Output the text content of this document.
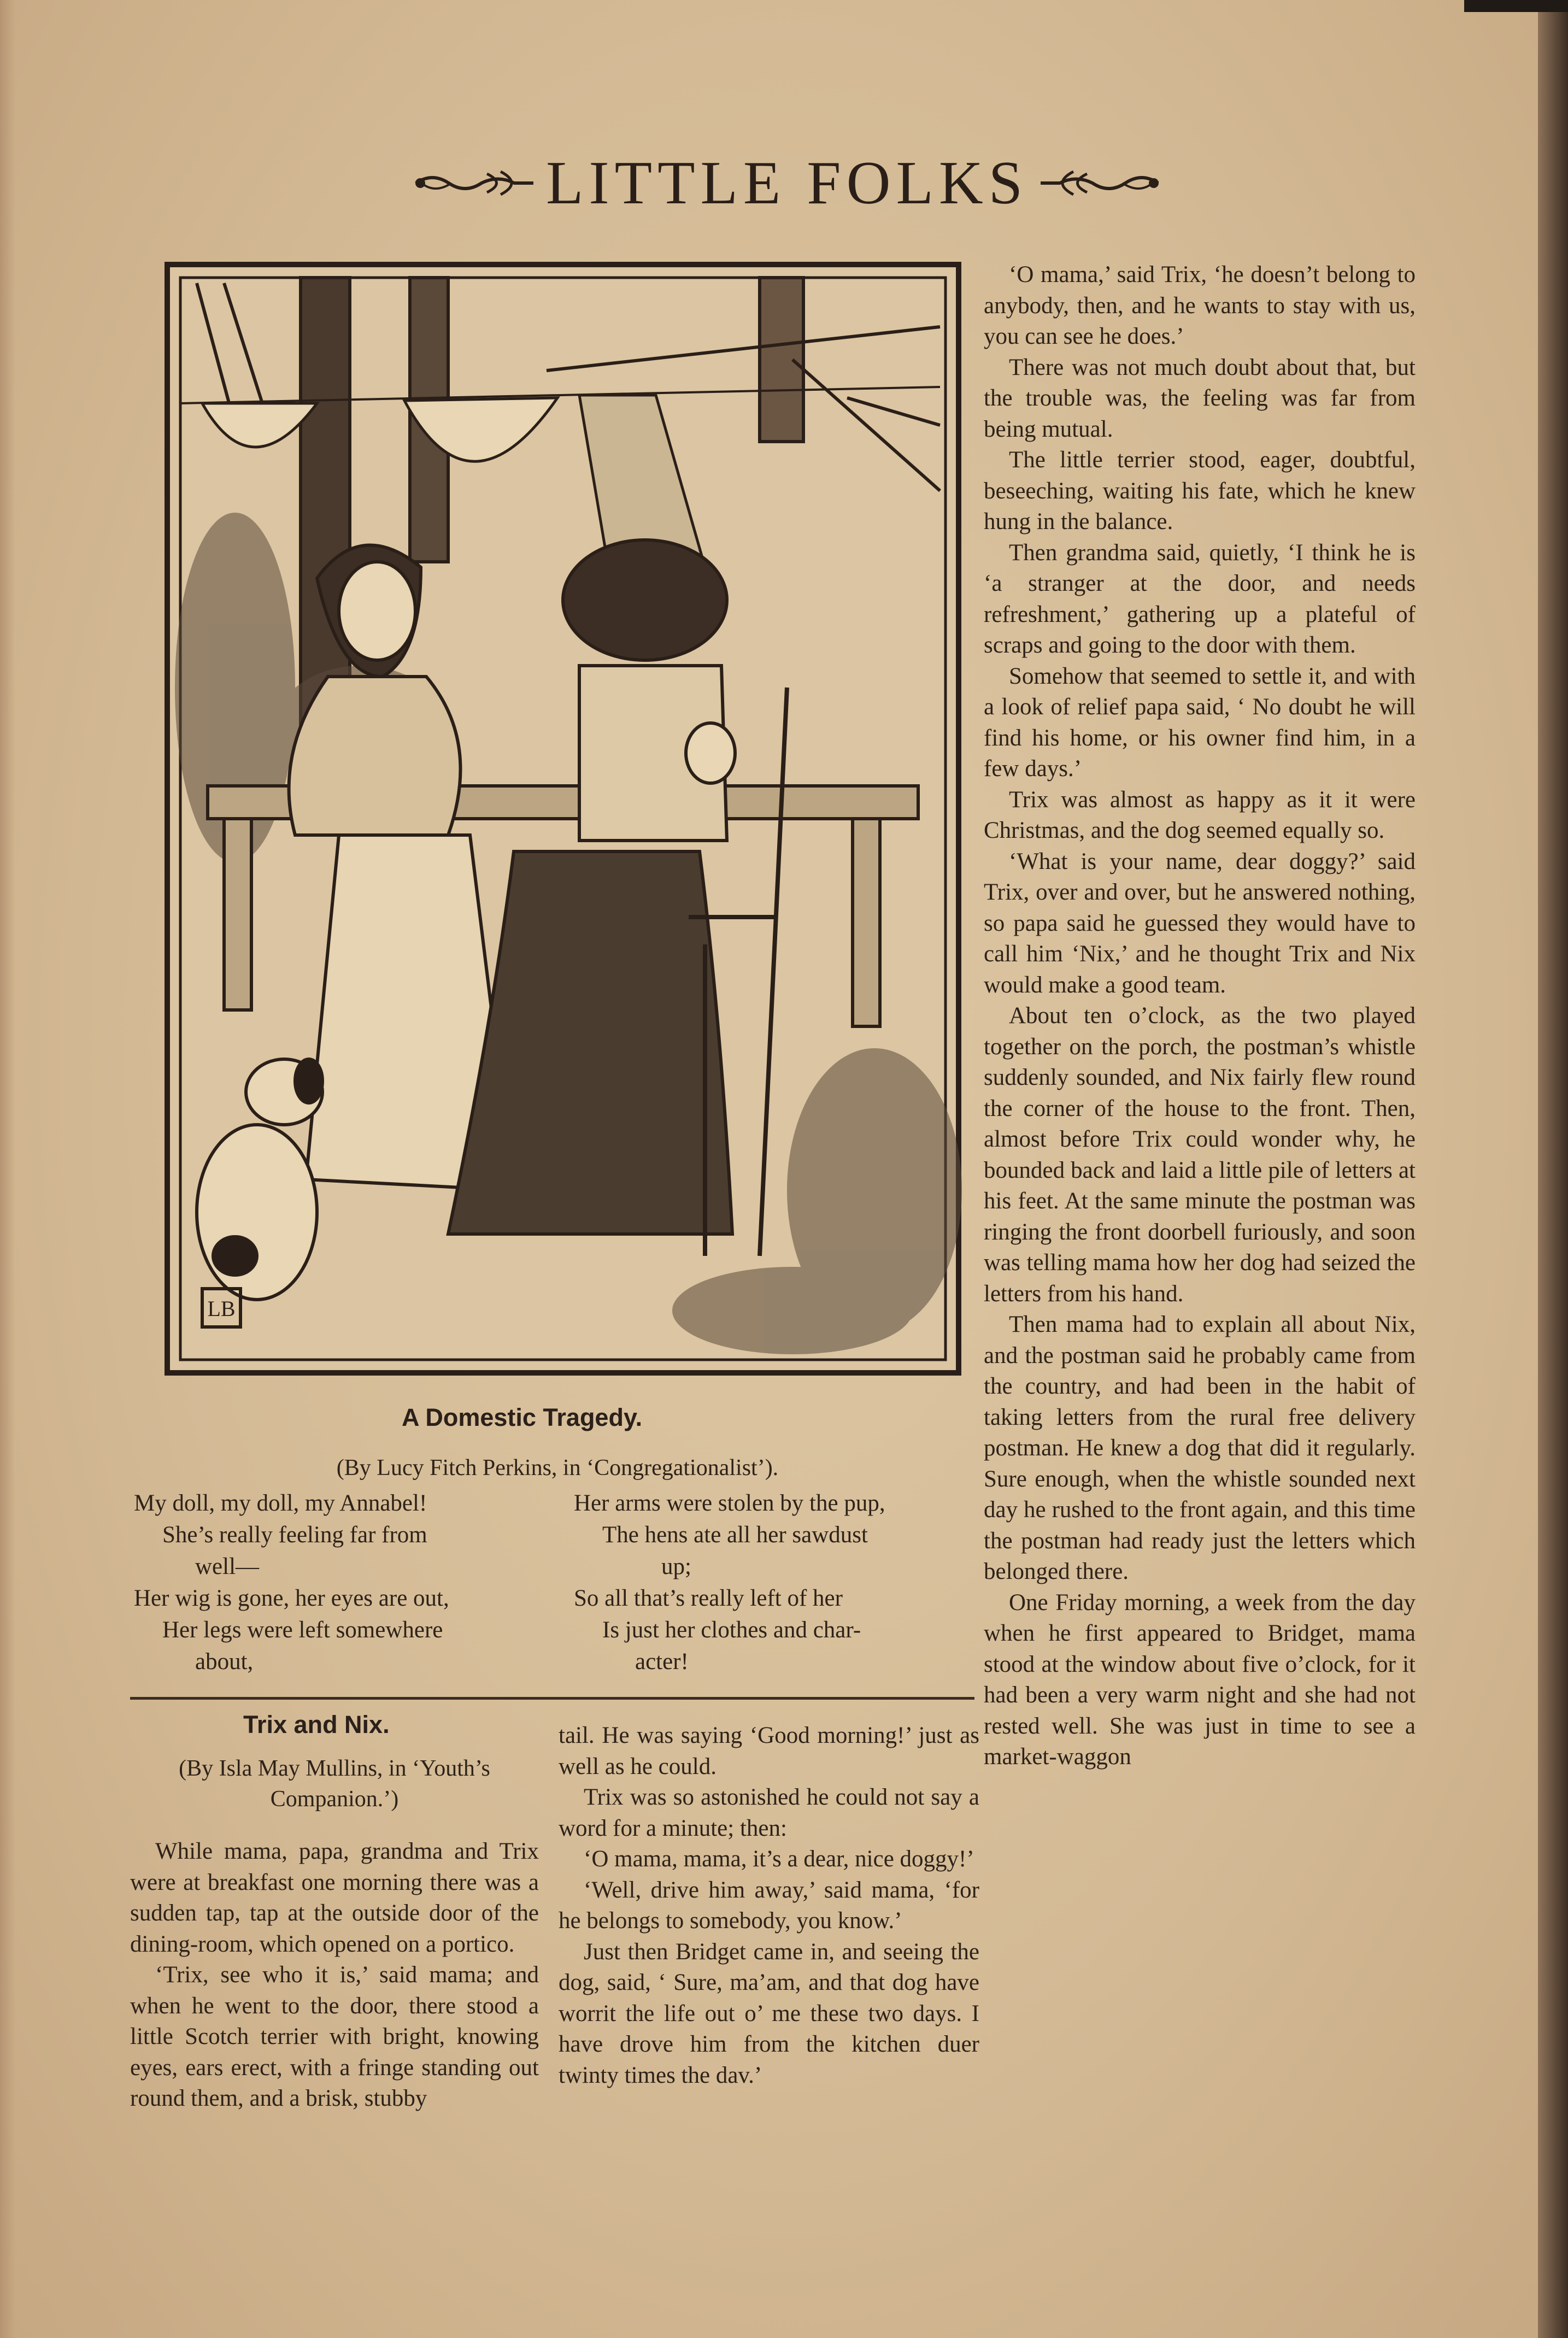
LITTLE FOLKS
LB

‘O mama,’ said Trix, ‘he doesn’t belong to anybody, then, and he wants to stay with us, you can see he does.’

There was not much doubt about that, but the trouble was, the feeling was far from being mutual.

The little terrier stood, eager, doubtful, beseeching, waiting his fate, which he knew hung in the balance.

Then grandma said, quietly, ‘I think he is ‘a stranger at the door, and needs refreshment,’ gathering up a plateful of scraps and going to the door with them.

Somehow that seemed to settle it, and with a look of relief papa said, ‘ No doubt he will find his home, or his owner find him, in a few days.’

Trix was almost as happy as it it were Christmas, and the dog seemed equally so.

‘What is your name, dear doggy?’ said Trix, over and over, but he answered nothing, so papa said he guessed they would have to call him ‘Nix,’ and he thought Trix and Nix would make a good team.

About ten o’clock, as the two played together on the porch, the postman’s whistle suddenly sounded, and Nix fairly flew round the corner of the house to the front. Then, almost before Trix could wonder why, he bounded back and laid a little pile of letters at his feet. At the same minute the postman was ringing the front doorbell furiously, and soon was telling mama how her dog had seized the letters from his hand.

Then mama had to explain all about Nix, and the postman said he probably came from the country, and had been in the habit of taking letters from the rural free delivery postman. He knew a dog that did it regularly. Sure enough, when the whistle sounded next day he rushed to the front again, and this time the postman had ready just the letters which belonged there.

One Friday morning, a week from the day when he first appeared to Bridget, mama stood at the window about five o’clock, for it had been a very warm night and she had not rested well. She was just in time to see a market-waggon

A Domestic Tragedy.
(By Lucy Fitch Perkins, in ‘Congregationalist’).
My doll, my doll, my Annabel!
She’s really feeling far from
well—
Her wig is gone, her eyes are out,
Her legs were left somewhere
about,
Her arms were stolen by the pup,
The hens ate all her sawdust
up;
So all that’s really left of her
Is just her clothes and char-
acter!
Trix and Nix.
(By Isla May Mullins, in ‘Youth’s
Companion.’)

While mama, papa, grandma and Trix were at breakfast one morning there was a sudden tap, tap at the outside door of the dining-room, which opened on a portico.

‘Trix, see who it is,’ said mama; and when he went to the door, there stood a little Scotch terrier with bright, knowing eyes, ears erect, with a fringe standing out round them, and a brisk, stubby

tail. He was saying ‘Good morning!’ just as well as he could.

Trix was so astonished he could not say a word for a minute; then:

‘O mama, mama, it’s a dear, nice doggy!’

‘Well, drive him away,’ said mama, ‘for he belongs to somebody, you know.’

Just then Bridget came in, and seeing the dog, said, ‘ Sure, ma’am, and that dog have worrit the life out o’ me these two days. I have drove him from the kitchen duer twinty times the dav.’
